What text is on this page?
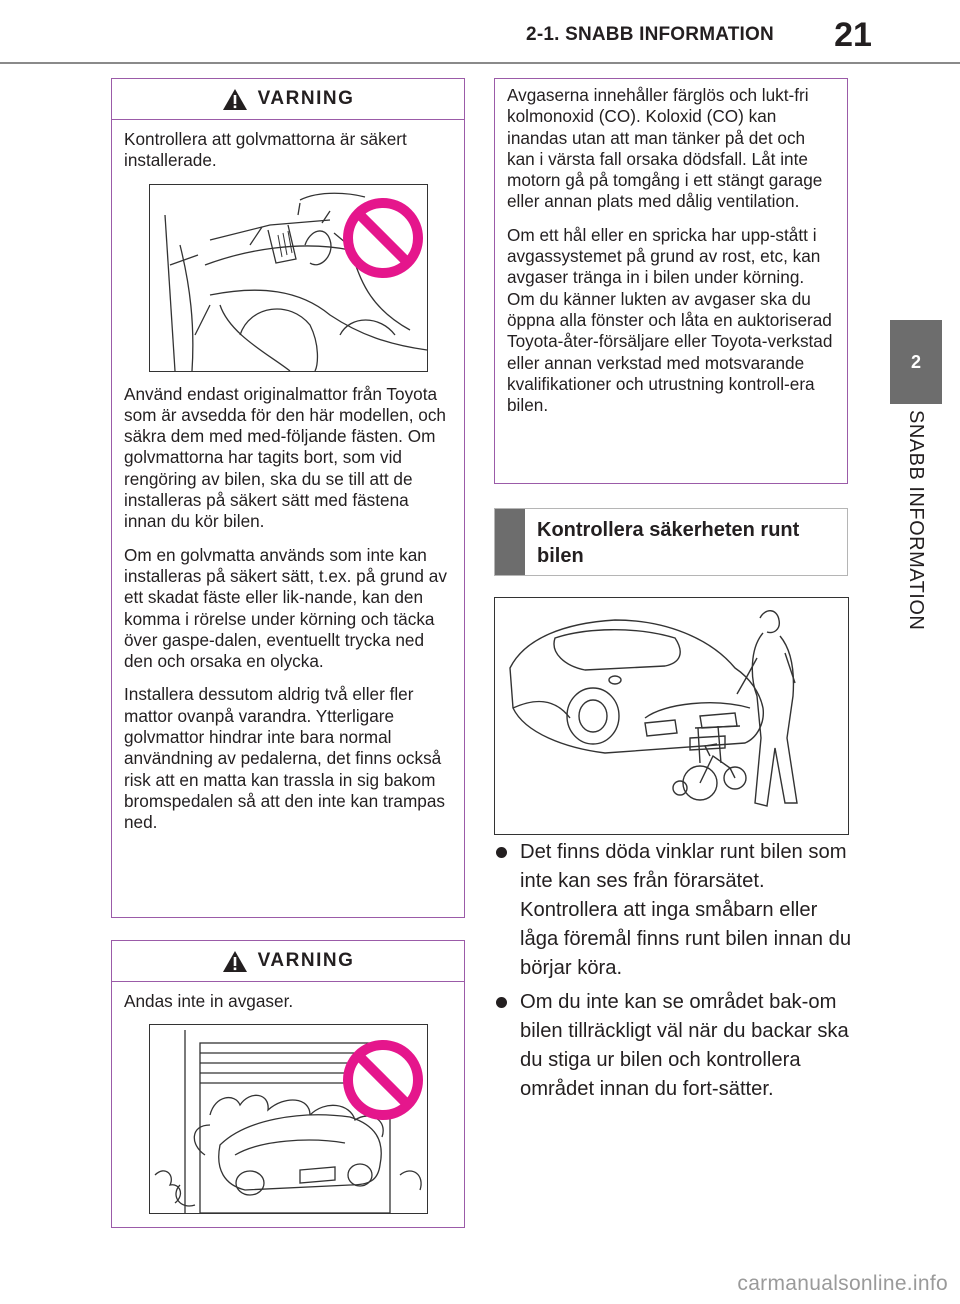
2-1. SNABB INFORMATION	21
2
SNABB INFORMATION
VARNING

Kontrollera att golvmattorna är säkert installerade.

Använd endast originalmattor från Toyota som är avsedda för den här modellen, och säkra dem med med-följande fästen. Om golvmattorna har tagits bort, som vid rengöring av bilen, ska du se till att de installeras på säkert sätt med fästena innan du kör bilen.

Om en golvmatta används som inte kan installeras på säkert sätt, t.ex. på grund av ett skadat fäste eller lik-nande, kan den komma i rörelse under körning och täcka över gaspe-dalen, eventuellt trycka ned den och orsaka en olycka.

Installera dessutom aldrig två eller fler mattor ovanpå varandra. Ytterligare golvmattor hindrar inte bara normal användning av pedalerna, det finns också risk att en matta kan trassla in sig bakom bromspedalen så att den inte kan trampas ned.

VARNING

Andas inte in avgaser.

Avgaserna innehåller färglös och lukt-fri kolmonoxid (CO). Koloxid (CO) kan inandas utan att man tänker på det och kan i värsta fall orsaka dödsfall. Låt inte motorn gå på tomgång i ett stängt garage eller annan plats med dålig ventilation.

Om ett hål eller en spricka har upp-stått i avgassystemet på grund av rost, etc, kan avgaser tränga in i bilen under körning. Om du känner lukten av avgaser ska du öppna alla fönster och låta en auktoriserad Toyota-åter-försäljare eller Toyota-verkstad eller annan verkstad med motsvarande kvalifikationer och utrustning kontroll-era bilen.

Kontrollera säkerheten runt bilen
Det finns döda vinklar runt bilen som inte kan ses från förarsätet. Kontrollera att inga småbarn eller låga föremål finns runt bilen innan du börjar köra.
Om du inte kan se området bak-om bilen tillräckligt väl när du backar ska du stiga ur bilen och kontrollera området innan du fort-sätter.
carmanualsonline.info
